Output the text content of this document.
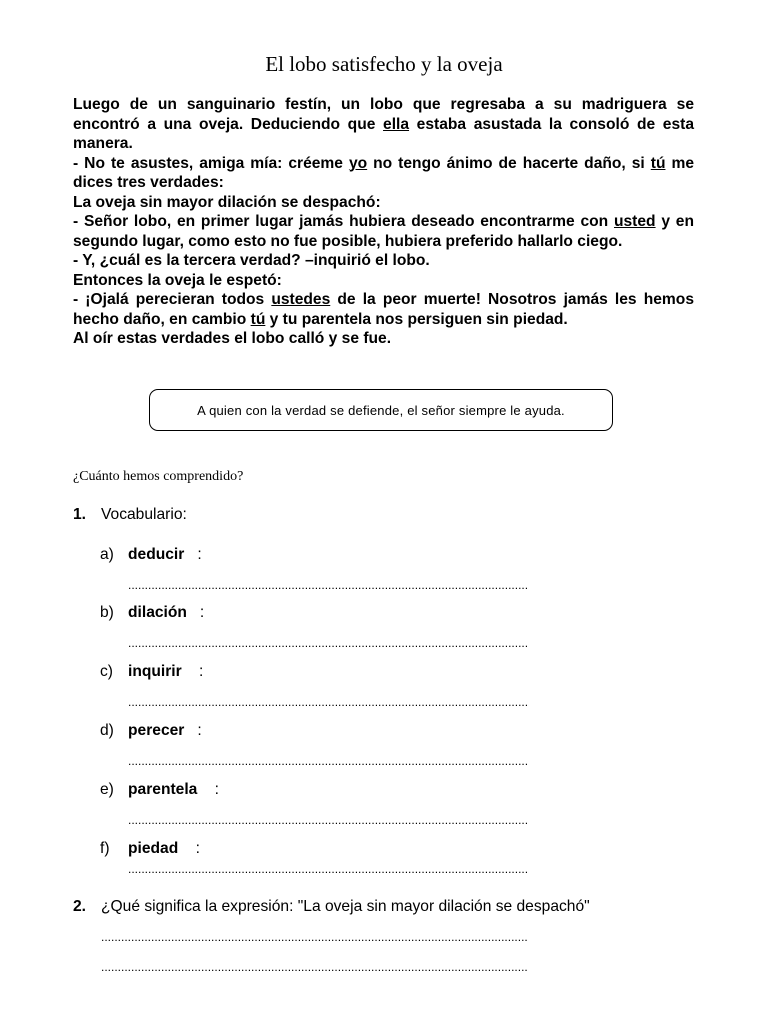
El lobo satisfecho y la oveja

Luego de un sanguinario festín, un lobo que regresaba a su madriguera se encontró a una oveja. Deduciendo que ella estaba asustada la consoló de esta manera.

- No te asustes, amiga mía: créeme yo no tengo ánimo de hacerte daño, si tú me dices tres verdades:

La oveja sin mayor dilación se despachó:

- Señor lobo, en primer lugar jamás hubiera deseado encontrarme con usted y en segundo lugar, como esto no fue posible, hubiera preferido hallarlo ciego.

- Y, ¿cuál es la tercera verdad? –inquirió el lobo.

Entonces la oveja le espetó:

- ¡Ojalá perecieran todos ustedes de la peor muerte! Nosotros jamás les hemos hecho daño, en cambio tú y tu parentela nos persiguen sin piedad.

Al oír estas verdades el lobo calló y se fue.

A quien con la verdad se defiende, el señor siempre le ayuda.
¿Cuánto hemos comprendido?
1. Vocabulario:
a) deducir   :
........................................................................................................................
b) dilación   :
........................................................................................................................
c) inquirir    :
........................................................................................................................
d) perecer   :
........................................................................................................................
e) parentela    :
........................................................................................................................
f) piedad    :
........................................................................................................................
2. ¿Qué significa la expresión: "La oveja sin mayor dilación se despachó"
................................................................................................................................
................................................................................................................................
